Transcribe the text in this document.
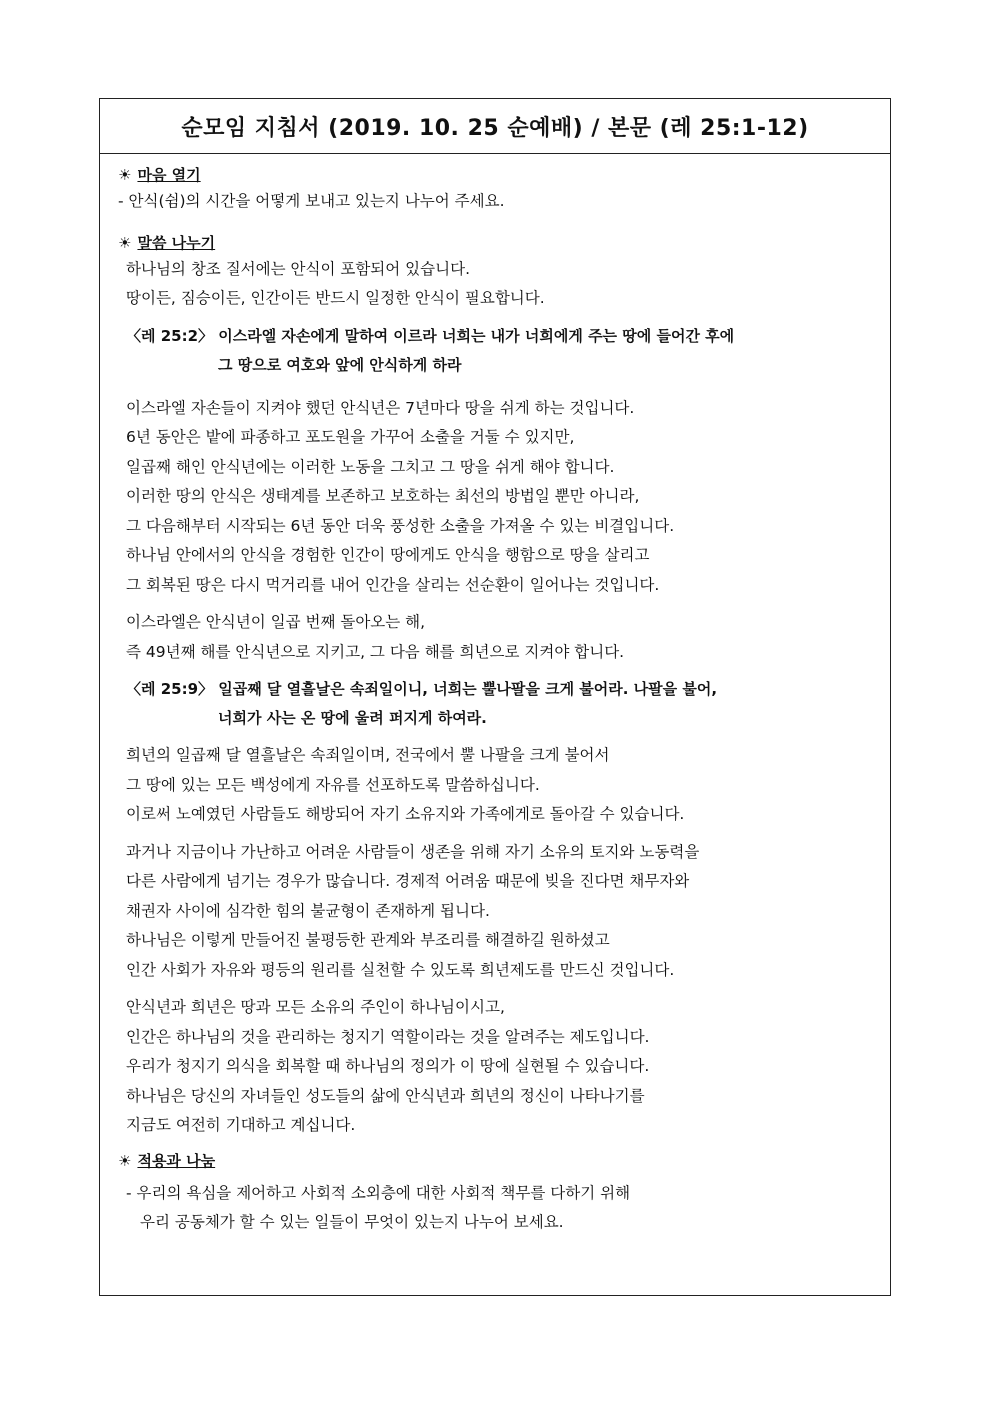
순모임 지침서 (2019. 10. 25 순예배) / 본문 (레 25:1-12)
☀ 마음 열기
- 안식(쉼)의 시간을 어떻게 보내고 있는지 나누어 주세요.
☀ 말씀 나누기
하나님의 창조 질서에는 안식이 포함되어 있습니다.
땅이든, 짐승이든, 인간이든 반드시 일정한 안식이 필요합니다.
〈레 25:2〉 이스라엘 자손에게 말하여 이르라 너희는 내가 너희에게 주는 땅에 들어간 후에
그 땅으로 여호와 앞에 안식하게 하라
이스라엘 자손들이 지켜야 했던 안식년은 7년마다 땅을 쉬게 하는 것입니다.
6년 동안은 밭에 파종하고 포도원을 가꾸어 소출을 거둘 수 있지만,
일곱째 해인 안식년에는 이러한 노동을 그치고 그 땅을 쉬게 해야 합니다.
이러한 땅의 안식은 생태계를 보존하고 보호하는 최선의 방법일 뿐만 아니라,
그 다음해부터 시작되는 6년 동안 더욱 풍성한 소출을 가져올 수 있는 비결입니다.
하나님 안에서의 안식을 경험한 인간이 땅에게도 안식을 행함으로 땅을 살리고
그 회복된 땅은 다시 먹거리를 내어 인간을 살리는 선순환이 일어나는 것입니다.
이스라엘은 안식년이 일곱 번째 돌아오는 해,
즉 49년째 해를 안식년으로 지키고, 그 다음 해를 희년으로 지켜야 합니다.
〈레 25:9〉 일곱째 달 열흘날은 속죄일이니, 너희는 뿔나팔을 크게 불어라. 나팔을 불어,
너희가 사는 온 땅에 울려 퍼지게 하여라.
희년의 일곱째 달 열흘날은 속죄일이며, 전국에서 뿔 나팔을 크게 불어서
그 땅에 있는 모든 백성에게 자유를 선포하도록 말씀하십니다.
이로써 노예였던 사람들도 해방되어 자기 소유지와 가족에게로 돌아갈 수 있습니다.
과거나 지금이나 가난하고 어려운 사람들이 생존을 위해 자기 소유의 토지와 노동력을
다른 사람에게 넘기는 경우가 많습니다. 경제적 어려움 때문에 빚을 진다면 채무자와
채권자 사이에 심각한 힘의 불균형이 존재하게 됩니다.
하나님은 이렇게 만들어진 불평등한 관계와 부조리를 해결하길 원하셨고
인간 사회가 자유와 평등의 원리를 실천할 수 있도록 희년제도를 만드신 것입니다.
안식년과 희년은 땅과 모든 소유의 주인이 하나님이시고,
인간은 하나님의 것을 관리하는 청지기 역할이라는 것을 알려주는 제도입니다.
우리가 청지기 의식을 회복할 때 하나님의 정의가 이 땅에 실현될 수 있습니다.
하나님은 당신의 자녀들인 성도들의 삶에 안식년과 희년의 정신이 나타나기를
지금도 여전히 기대하고 계십니다.
☀ 적용과 나눔
- 우리의 욕심을 제어하고 사회적 소외층에 대한 사회적 책무를 다하기 위해
우리 공동체가 할 수 있는 일들이 무엇이 있는지 나누어 보세요.
